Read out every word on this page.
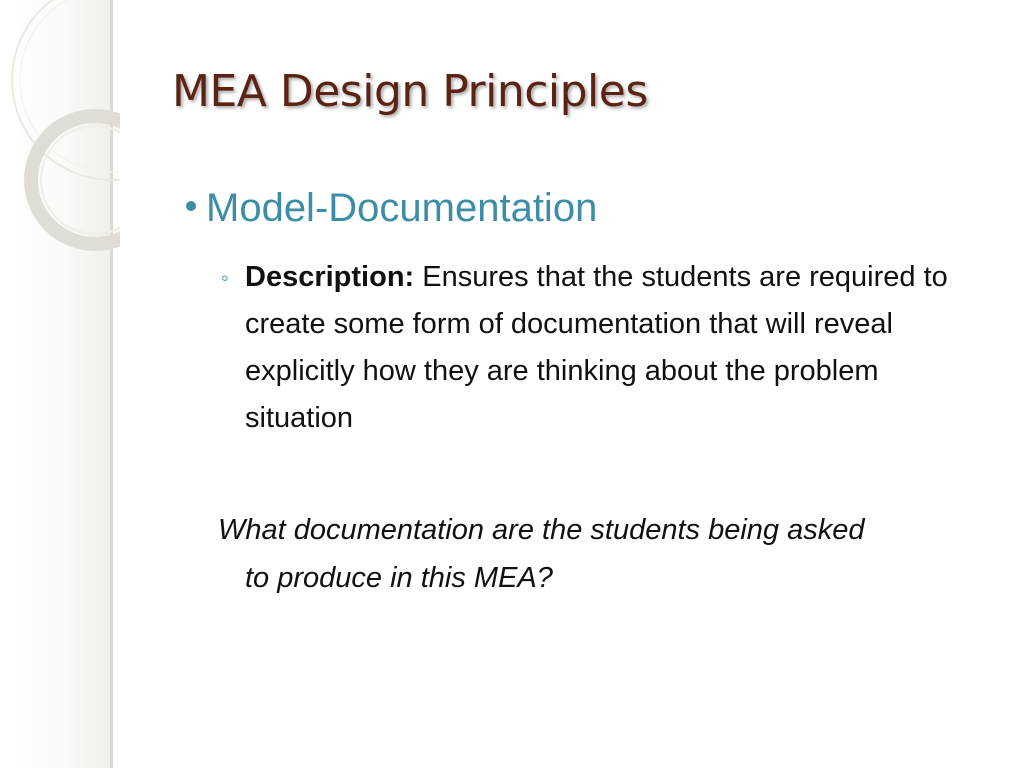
MEA Design Principles
Model-Documentation
◦ Description: Ensures that the students are required to create some form of documentation that will reveal explicitly how they are thinking about the problem situation
What documentation are the students being asked
to produce in this MEA?
